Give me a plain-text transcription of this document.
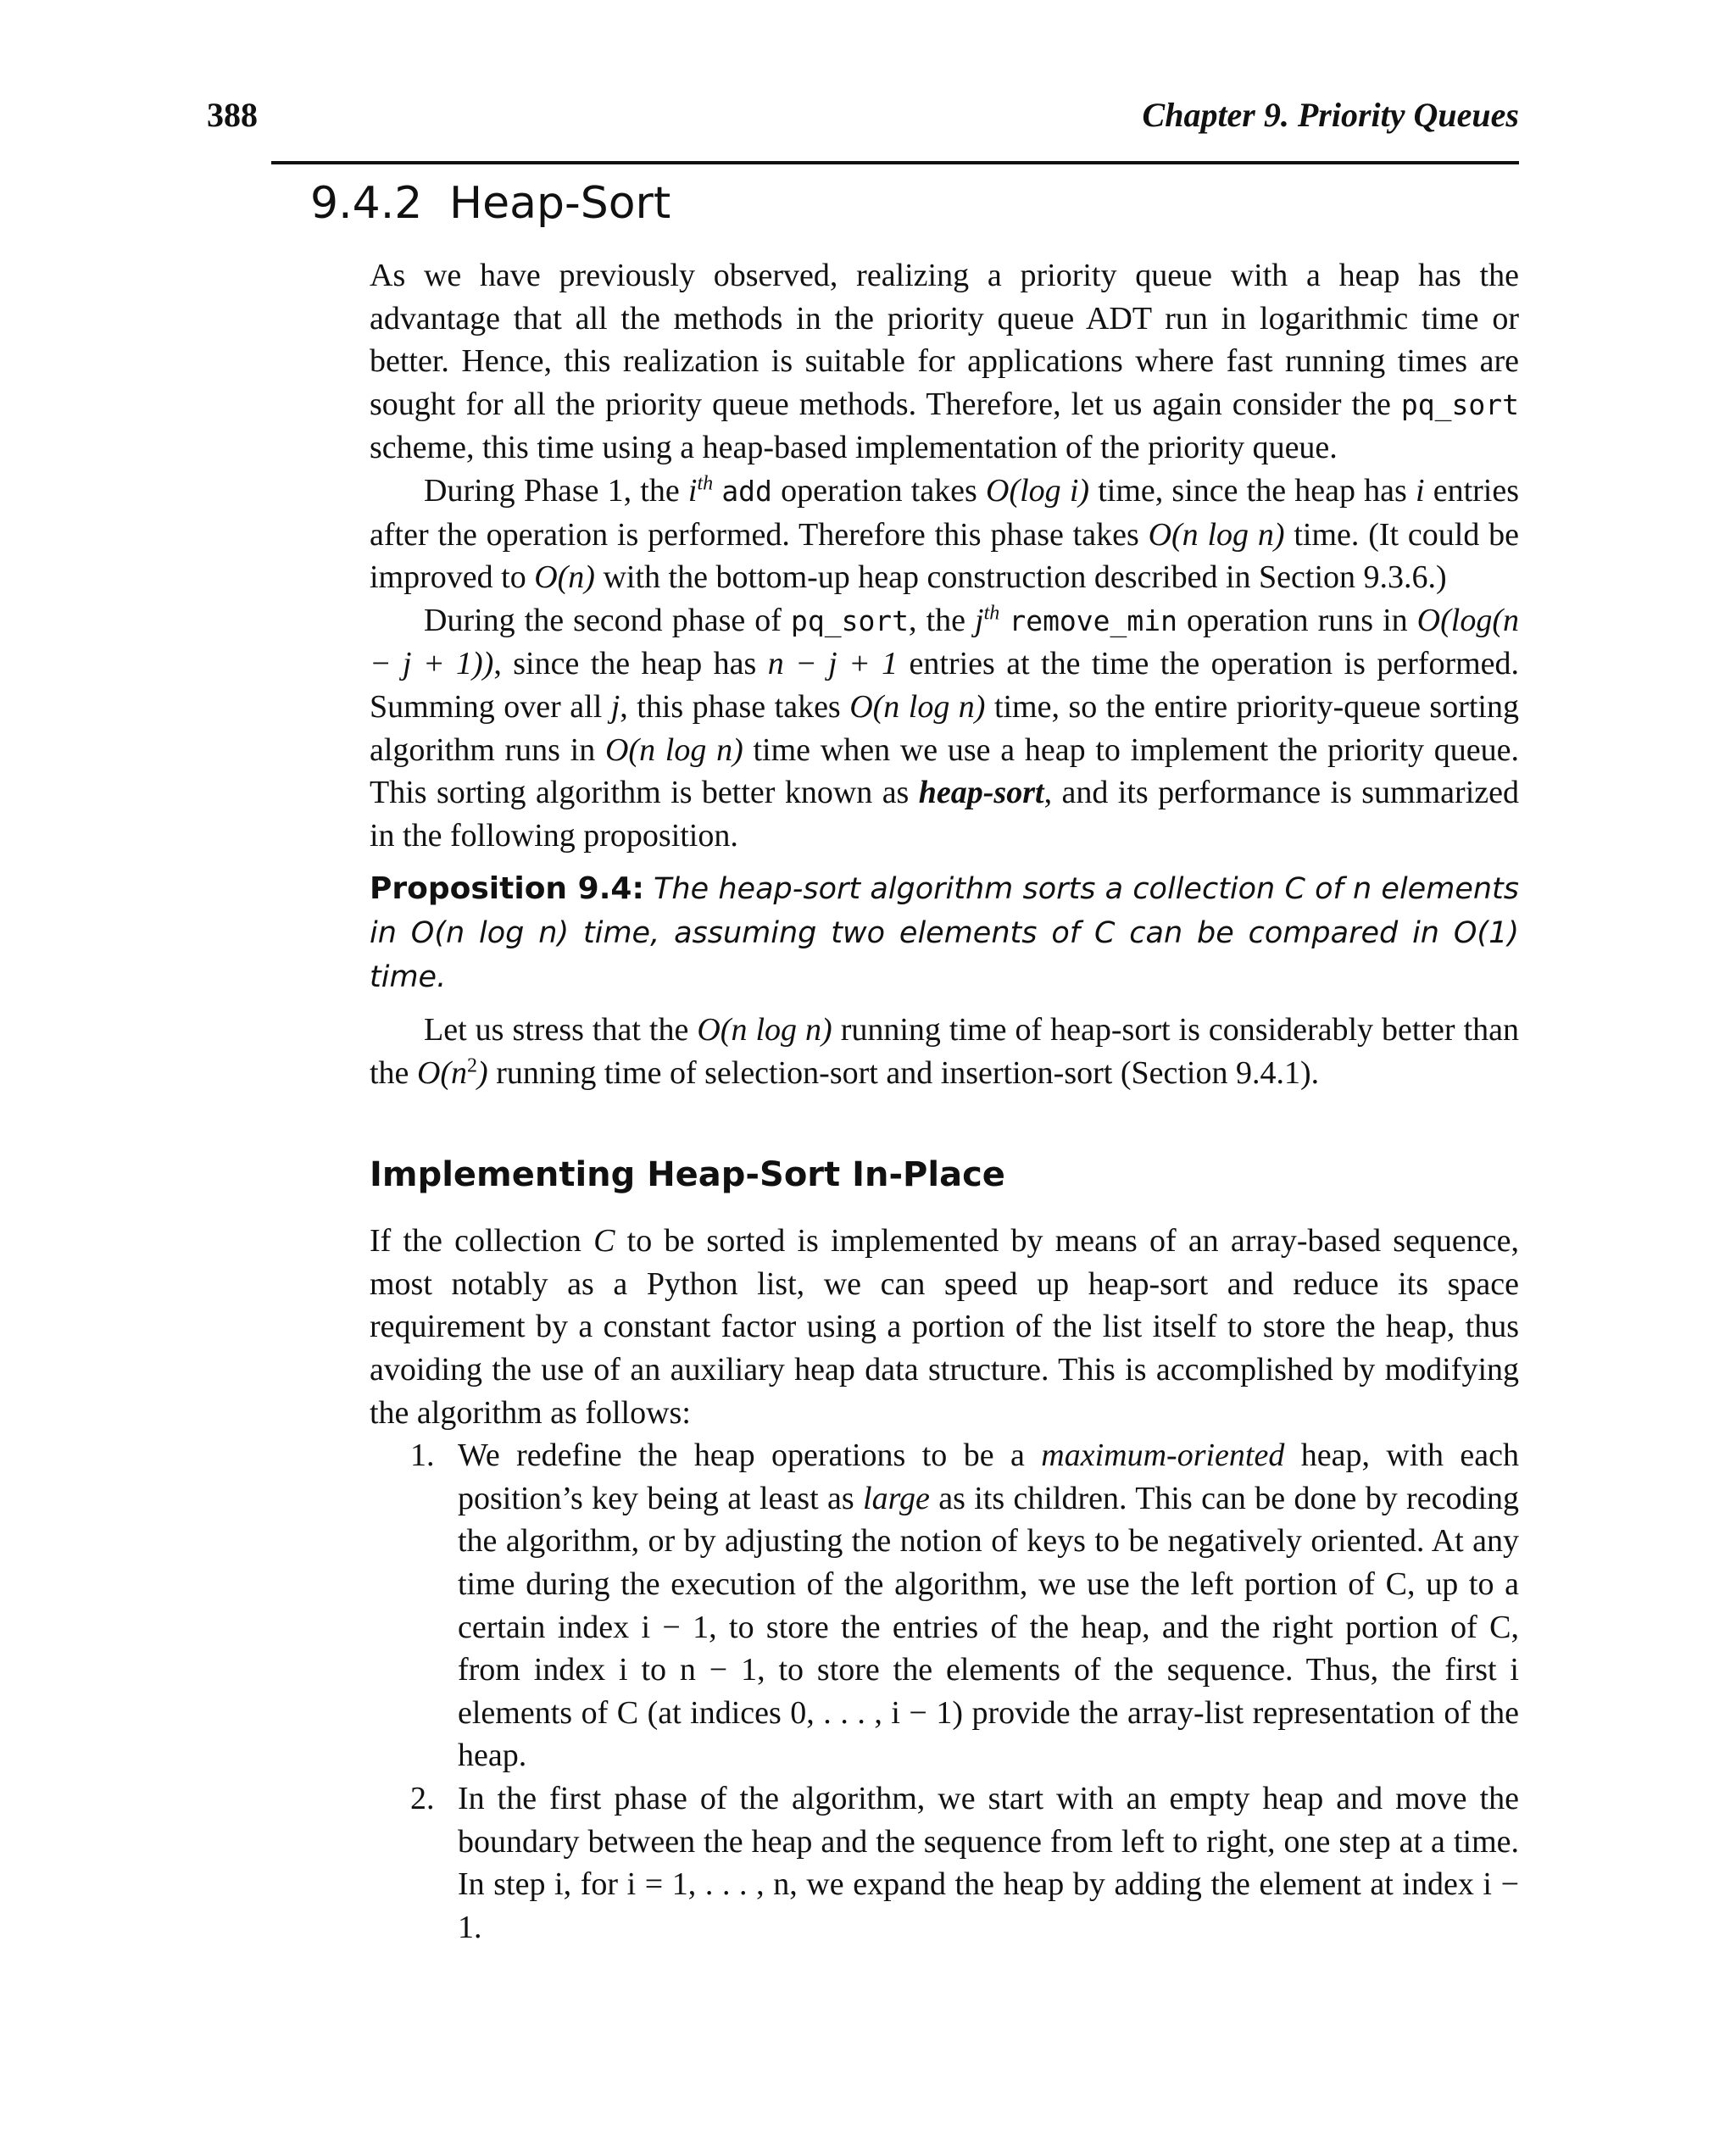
388	Chapter 9. Priority Queues
9.4.2 Heap-Sort

As we have previously observed, realizing a priority queue with a heap has the advantage that all the methods in the priority queue ADT run in logarithmic time or better. Hence, this realization is suitable for applications where fast running times are sought for all the priority queue methods. Therefore, let us again consider the pq_sort scheme, this time using a heap-based implementation of the priority queue.

During Phase 1, the $i^{th}$ add operation takes O(log i) time, since the heap has i entries after the operation is performed. Therefore this phase takes O(n log n) time. (It could be improved to O(n) with the bottom-up heap construction described in Section 9.3.6.)

During the second phase of pq_sort, the $j^{th}$ remove_min operation runs in O(log(n − j + 1)), since the heap has n − j + 1 entries at the time the operation is performed. Summing over all j, this phase takes O(n log n) time, so the entire priority-queue sorting algorithm runs in O(n log n) time when we use a heap to implement the priority queue. This sorting algorithm is better known as heap-sort, and its performance is summarized in the following proposition.

Proposition 9.4: The heap-sort algorithm sorts a collection C of n elements in O(n log n) time, assuming two elements of C can be compared in O(1) time.

Let us stress that the O(n log n) running time of heap-sort is considerably better than the $O(n^2)$ running time of selection-sort and insertion-sort (Section 9.4.1).

Implementing Heap-Sort In-Place

If the collection C to be sorted is implemented by means of an array-based sequence, most notably as a Python list, we can speed up heap-sort and reduce its space requirement by a constant factor using a portion of the list itself to store the heap, thus avoiding the use of an auxiliary heap data structure. This is accomplished by modifying the algorithm as follows:

1. We redefine the heap operations to be a maximum-oriented heap, with each position’s key being at least as large as its children. This can be done by recoding the algorithm, or by adjusting the notion of keys to be negatively oriented. At any time during the execution of the algorithm, we use the left portion of C, up to a certain index i − 1, to store the entries of the heap, and the right portion of C, from index i to n − 1, to store the elements of the sequence. Thus, the first i elements of C (at indices 0, . . . , i − 1) provide the array-list representation of the heap.
2. In the first phase of the algorithm, we start with an empty heap and move the boundary between the heap and the sequence from left to right, one step at a time. In step i, for i = 1, . . . , n, we expand the heap by adding the element at index i − 1.
